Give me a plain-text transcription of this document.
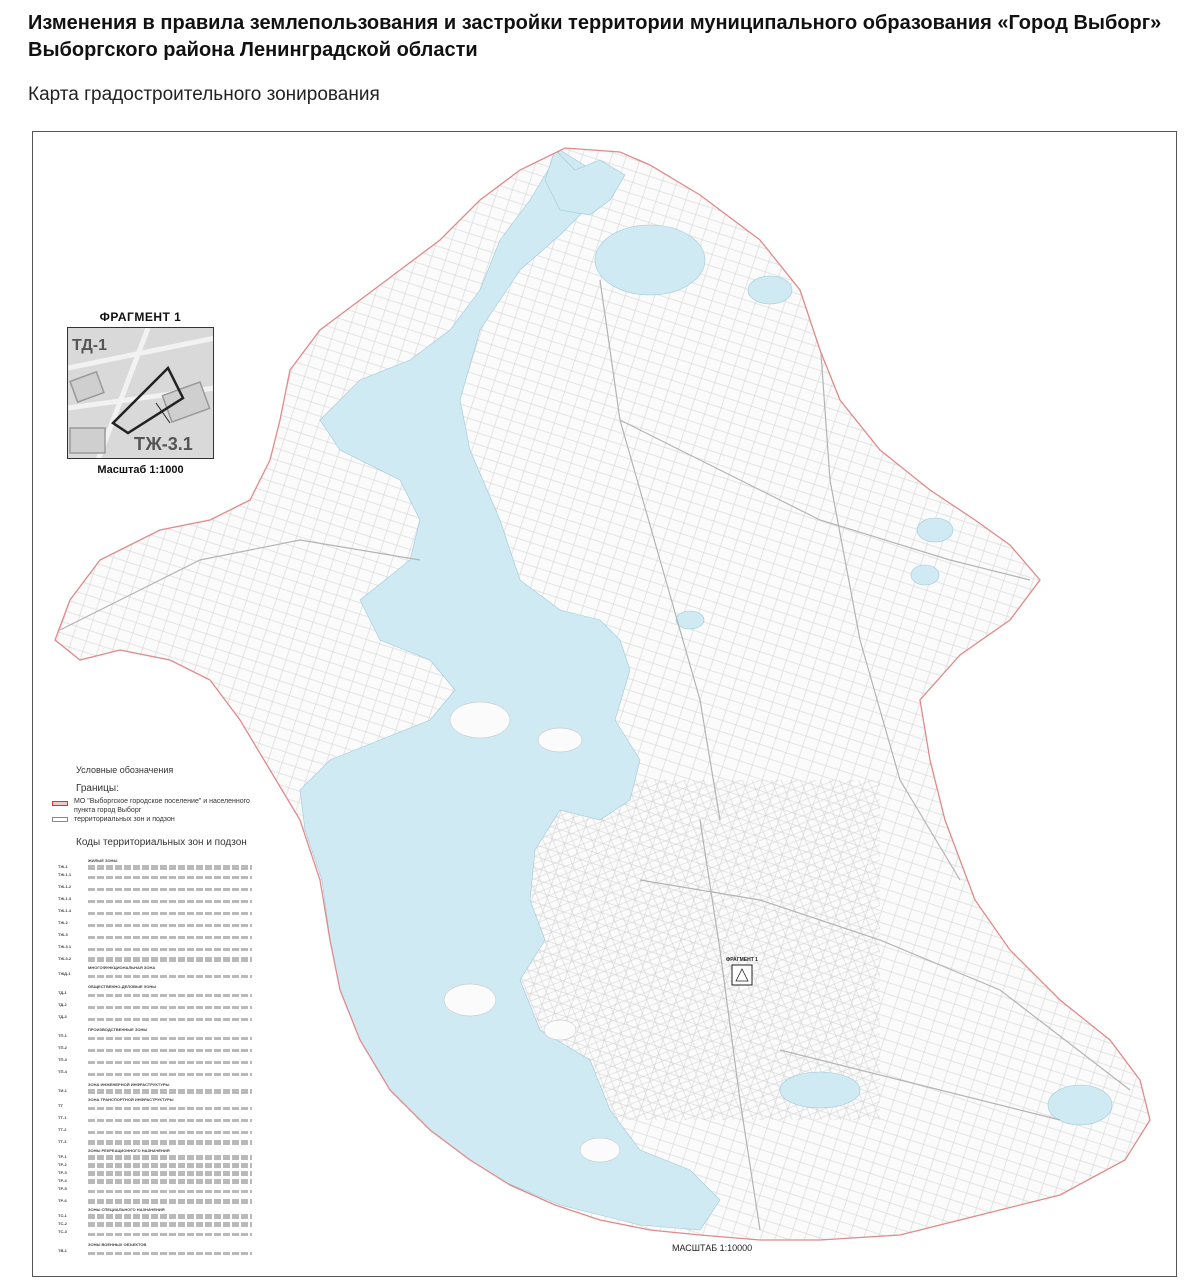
Изменения в правила землепользования и застройки территории муниципального образования «Город Выборг» Выборгского района Ленинградской области
Карта градостроительного зонирования
ФРАГМЕНТ 1
ФРАГМЕНТ 1
ТД-1
ТЖ-3.1
Масштаб 1:1000
Условные обозначения
Границы:
МО "Выборгское городское поселение" и населенного пункта город Выборг
территориальных зон и подзон
Коды территориальных зон и подзон
ЖИЛЫЕ ЗОНЫ
ТЖ-1
ТЖ-1.1
ТЖ-1.2
ТЖ-1.3
ТЖ-1.4
ТЖ-2
ТЖ-3
ТЖ-3.1
ТЖ-3.2
МНОГОФУНКЦИОНАЛЬНАЯ ЗОНА
ТЖД-1
ОБЩЕСТВЕННО-ДЕЛОВЫЕ ЗОНЫ
ТД-1
ТД-2
ТД-3
ПРОИЗВОДСТВЕННЫЕ ЗОНЫ
ТП-1
ТП-2
ТП-3
ТП-4
ЗОНА ИНЖЕНЕРНОЙ ИНФРАСТРУКТУРЫ
ТИ-1
ЗОНА ТРАНСПОРТНОЙ ИНФРАСТРУКТУРЫ
ТТ
ТТ-1
ТТ-2
ТТ-3
ЗОНЫ РЕКРЕАЦИОННОГО НАЗНАЧЕНИЯ
ТР-1
ТР-2
ТР-3
ТР-4
ТР-5
ТР-6
ЗОНЫ СПЕЦИАЛЬНОГО НАЗНАЧЕНИЯ
ТС-1
ТС-2
ТС-3
ЗОНЫ ВОЕННЫХ ОБЪЕКТОВ
ТВ-1	МАСШТАБ 1:10000
